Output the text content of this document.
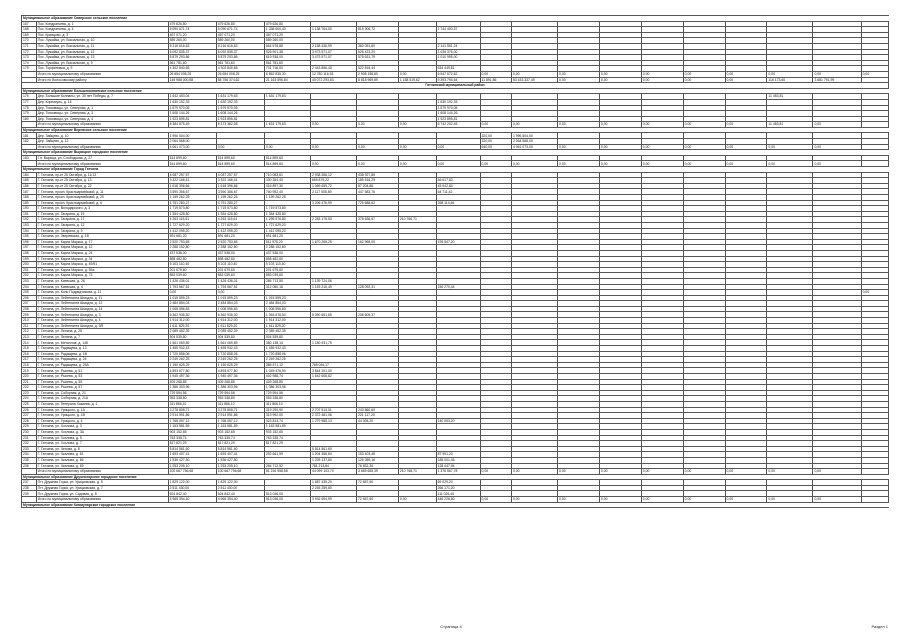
Муниципальное образование Сиверское сельское поселение																		
167	Пос. Кондратьева, д. 1	479 626,80	479 626,80	479 626,80														
168	Пос. Кондратьева, д. 4	5 090 671,74	5 090 671,74	1 338 600,40	1 138 764,00	815 906,72		1 744 400,57										
169	Пос. Кривцово, д. 3	467 071,20	467 071,20	467 071,20														
170	Пос. Лужайка, ул. Вокзальная, д. 10	589 260,00	589 260,00	589 260,00														
171	Пос. Лужайка, ул. Вокзальная, д. 11	5 216 616,63	5 216 616,63	564 578,88	2 158 436,99	360 051,60		2 141 551,24										
172	Пос. Лужайка, ул. Вокзальная, д. 12	6 092 835,37	6 092 835,37	925 901,38	3 473 571,07	625 423,20		1 036 376,00										
173	Пос. Лужайка, ул. Вокзальная, д. 13	5 879 293,86	5 879 293,86	619 938,00	3 473 571,07	575 631,79		1 010 995,00										
174	Пос. Лужайка, ул. Вокзальная, д. 9	561 781,60	561 781,60	561 781,60														
175	Пос. Торфяновка, д. 9	4 302 840,65	4 302 840,65	701 716,00	2 443 856,40	522 816,44		634 449,81										
	Итого по муниципальному образованию	26 654 008,25	26 654 008,25	6 862 835,30	12 780 116,53	2 908 158,80	0,00	6 547 672,62	0,00	0,00	0,00	0,00	0,00	0,00	0,00	0,00	0,00	0,00
	Итого по Волосовскому району	145 988 000,88	88 756 374,62	21 163 596,84	40 072 293,63	8 818 969,89	1 188 519,62	9 393 794,64	11 891,86	53 433 337,49	0,00	0,00	0,00	0,00	0,00	116 173,60	3 681 791,99	
Гатчинский муниципальный район																		
Муниципальное образование Большеколпанское сельское поселение																		
176	Дер. Большие Колпаны, ул. 30 лет Победы, д. 7	1 642 453,04	1 631 179,63	1 631 179,63												11 453,81		
177	Дер. Корпикуль, д. 16	1 630 192,33	1 630 192,33					1 630 192,33										
178	Дер. Тихковицы, ул. Северная, д. 1	1 579 970,05	1 579 970,05					1 579 970,05										
179	Дер. Тихковицы, ул. Северная, д. 3	1 608 144,26	1 608 144,26					1 608 144,26										
180	Дер. Тихковицы, ул. Северная, д. 4	1 923 895,81	1 923 895,81					1 923 895,81										
	Итого по муниципальному образованию	8 384 875,49	8 373 382,08	1 631 179,63	0,00	0,00	0,00	6 742 202,45	0,00	0,00	0,00	0,00	0,00	0,00	0,00	11 453,81	0,00	
Муниципальное образование Веревское сельское поселение																		
181	Дер. Зайцево, д. 10	1 996 504,00							320,00	1 996 504,00								
182	Дер. Зайцево, д. 12	2 064 568,00							320,00	2 064 568,00								
	Итого по муниципальному образованию	4 061 073,00	0,00	0,00	0,00	0,00	0,00	0,00	640,00	4 061 073,00	0,00	0,00	0,00	0,00	0,00	0,00	0,00	
Муниципальное образование Вырицкое городское поселение																		
183	Г.п. Вырица, ул. Слободская, д. 27	514 899,60	514 899,60	514 899,60														
	Итого по муниципальному образованию	514 899,60	514 899,60	514 899,60	0,00	0,00	0,00	0,00	0,00	0,00	0,00	0,00	0,00	0,00	0,00	0,00	0,00	
Муниципальное образование Город Гатчина																		
184	Г. Гатчина, пр-кт 25 Октября, д. 11/13	4 087 257,57	4 087 257,57	710 083,61	2 938 266,12	438 927,85												
185	Г. Гатчина, пр-кт 25 Октября, д. 13	3 322 166,41	3 322 166,41	330 354,40	669 876,22	185 516,29		46 617,60										
186	Г. Гатчина, пр-кт 25 Октября, д. 22	1 618 396,66	1 618 396,66	416 897,30	1 069 659,72	87 204,86		45 042,84										
187	Г. Гатчина, просп. Красноармейский, д. 11	3 590 356,67	3 590 356,67	760 952,40	2 117 508,89	447 583,76		64 711,42										
188	Г. Гатчина, просп. Красноармейский, д. 20	1 199 262,25	1 199 262,25	1 199 262,25														
189	Г. Гатчина, просп. Красноармейский, д. 6	4 751 280,27	4 751 280,27		3 206 476,99	725 688,62		268 114,46										
190	Г. Гатчина, ул. Володарского, д. 3	1 719 573,80	1 719 573,80	1 719 573,80														
191	Г. Гатчина, ул. Гагарина, д. 15	1 354 428,80	1 354 428,80	1 354 428,80														
192	Г. Гатчина, ул. Гагарина, д. 17	4 263 115,61	4 263 115,61	1 295 576,80	2 283 175,53	378 636,57	210 766,71											
193	Г. Гатчина, ул. Гагарина, д. 12	1 727 629,20	1 727 629,20	1 727 629,20														
194	Г. Гатчина, ул. Гагарина, д. 9	1 412 095,20	1 412 095,20	1 412 095,20														
195	Г. Гатчина, ул. Зверевская, д. 1В	591 681,20	591 681,20	591 681,20														
196	Г. Гатчина, ул. Карла Маркса, д. 17	2 520 753,65	2 520 753,65	511 975,20	1 670 265,25	162 968,00		195 547,20										
197	Г. Гатчина, ул. Карла Маркса, д. 12	2 288 152,80	2 288 152,80	2 288 152,80														
198	Г. Гатчина, ул. Карла Маркса, д. 24	437 538,00	437 538,00	437 538,00														
199	Г. Гатчина, ул. Карла Маркса, д. 34	898 482,80	898 482,80	898 482,80														
200	Г. Гатчина, ул. Карла Маркса, д. 49/51	5 103 110,40	5 103 110,40	5 103 110,40														
201	Г. Гатчина, ул. Карла Маркса, д. 59а	201 679,60	201 679,60	201 679,60														
202	Г. Гатчина, ул. Карла Маркса, д. 73	853 039,60	853 039,60	853 039,60														
203	Г. Гатчина, ул. Киевская, д. 26	1 426 436,01	1 426 436,01	286 713,55	1 139 724,06													
204	Г. Гатчина, ул. Киевская, д. 4	1 793 567,51	1 793 567,51	312 080,16	1 153 216,49	128 092,31		150 270,44										
205	Г. Гатчина, ул. Коли Подрядчикова, д. 11	0,00	0,00															0,00
206	Г. Гатчина, ул. Лейтенанта Шмидта, д. 11	1 015 599,23	1 015 599,23	1 015 599,23														
207	Г. Гатчина, ул. Лейтенанта Шмидта, д. 12	2 484 854,03	2 484 854,03	2 484 854,03														
208	Г. Гатчина, ул. Лейтенанта Шмидта, д. 14	1 008 596,83	1 008 596,83	1 008 596,83														
209	Г. Гатчина, ул. Лейтенанта Шмидта, д. 3	6 362 935,30	6 362 935,30	1 063 678,50	5 090 651,65	208 605,37												
210	Г. Гатчина, ул. Лейтенанта Шмидта, д. 4	1 914 312,00	1 914 312,00	1 914 312,00														
211	Г. Гатчина, ул. Лейтенанта Шмидта, д. 9/5	1 611 829,20	1 611 829,20	1 611 829,20														
212	Г. Гатчина, ул. Ленина, д. 25	2 089 452,39	2 089 452,39	2 089 452,39														
213	Г. Гатчина, ул. Ленина, д. 7	504 539,80	504 539,80	504 539,80														
214	Г. Гатчина, ул. Металлов, д. 14Б	1 561 069,89	1 561 069,89	380 138,14	1 180 931,75													
215	Г. Гатчина, ул. Радищева, д. 13	1 455 932,43	1 455 932,43	1 455 932,43														
216	Г. Гатчина, ул. Радищева, д. 1В	1 720 858,06	1 720 858,06	1 720 858,06														
217	Г. Гатчина, ул. Радищева, д. 24	2 249 262,25	2 249 262,25	2 249 262,25														
218	Г. Гатчина, ул. Радищева, д. 26А	1 150 625,29	1 150 625,29	385 571,12	765 054,17													
219	Г. Гатчина, ул. Рысева, д. 51	4 893 677,80	4 893 677,80	1 049 476,90	3 844 201,00													
220	Г. Гатчина, ул. Рысева, д. 53	1 945 497,36	1 945 497,36	402 988,74	1 542 608,62													
221	Г. Гатчина, ул. Рысева, д. 55	409 268,85	409 268,85	409 268,85														
222	Г. Гатчина, ул. Рысева, д. 57	1 386 303,96	1 386 303,96	1 386 303,96														
223	Г. Гатчина, ул. Соборная, д. 21	729 594,56	729 594,56	729 594,56														
224	Г. Гатчина, ул. Соборная, д. 21А	953 338,80	953 338,80	953 338,80														
225	Г. Гатчина, ул. Генерала Хазиева, д. 1	311 866,10	311 866,10	311 866,10														
226	Г. Гатчина, ул. Урицкого, д. 1А	3 278 808,71	3 278 808,71	319 290,90	2 707 513,01	243 860,60												
227	Г. Гатчина, ул. Урицкого, д. 1В	2 914 591,86	2 914 591,86	319 992,00	2 372 481,06	221 117,20												
228	Г. Гатчина, ул. Урицкого, д. 4	1 768 057,12	1 768 057,12	323 813,74	1 279 985,13	44 305,20		140 053,20										
229	Г. Гатчина, ул. Хохлова, д. 3	1 163 581,59	1 163 581,59	1 163 581,59														
230	Г. Гатчина, ул. Хохлова, д. 3А	903 152,65	903 152,65	903 152,65														
231	Г. Гатчина, ул. Хохлова, д. 5	763 335,74	763 335,74	763 335,74														
232	Г. Гатчина, ул. Хохлова, д. 7	817 821,29	817 821,29	817 821,29														
233	Г. Гатчина, ул. Чехова, д. 8	5 814 561,60	5 814 561,60		5 814 561,60													
234	Г. Гатчина, ул. Чкалова, д. 61	1 693 407,41	1 693 407,41	252 661,59	1 204 356,84	153 403,48		87 991,20										
235	Г. Гатчина, ул. Чкалова, д. 66	1 536 427,50	1 536 427,50		1 225 137,80	126 289,16		185 001,46										
236	Г. Гатчина, ул. Чкалова, д. 69	1 253 205,10	1 253 205,10	264 712,52	781 213,84	76 832,30		128 447,94										
	Итого по муниципальному образованию	100 667 756,68	100 667 756,68	51 216 958,58	44 099 103,74	3 669 655,39	210 768,71	1 376 567,78	0,00	0,00	0,00	0,00	0,00	0,00	0,00	0,00	0,00	
Муниципальное образование Дружногорское городское поселение																		
237	Пгт. Дружная Горка, ул. Урицковская, д. 5	1 829 122,00	1 829 122,00		1 687 435,20	72 657,60		69 029,20										
238	Пгт. Дружная Горка, ул. Урицковская, д. 7	2 511 430,00	2 511 430,00		2 245 259,80			266 171,20										
239	Пгт. Дружная Горка, ул. Садовая, д. 8	624 842,40	624 842,40	513 036,00				111 026,40										
	Итого по муниципальному образованию	4 965 394,40	4 965 394,40	513 036,00	3 932 694,99	72 657,60	0,00	446 226,80	0,00	0,00	0,00	0,00	0,00	0,00	0,00	0,00	0,00	
Муниципальное образование Коммунарское городское поселение																		
Страница 4	Раздел 1
